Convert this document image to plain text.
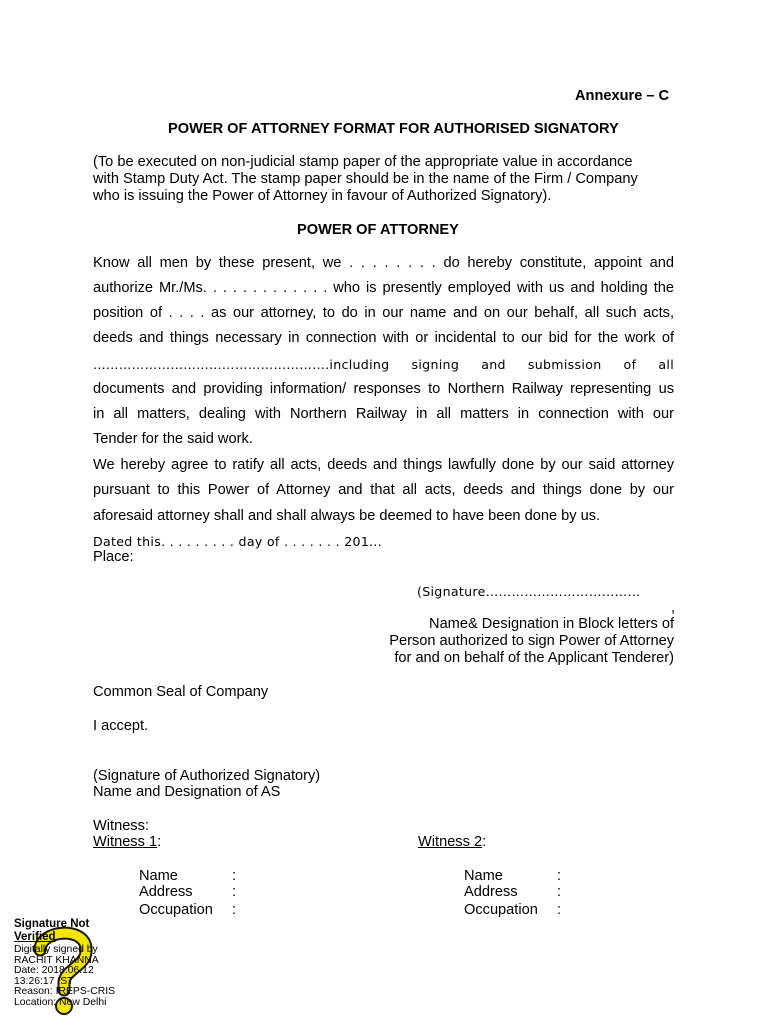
Annexure – C
POWER OF ATTORNEY FORMAT FOR AUTHORISED SIGNATORY
(To be executed on non-judicial stamp paper of the appropriate value in accordance
with Stamp Duty Act. The stamp paper should be in the name of the Firm / Company
who is issuing the Power of Attorney in favour of Authorized Signatory).
POWER OF ATTORNEY
Know all men by these present, we . . . . . . . . do hereby constitute, appoint and
authorize Mr./Ms. . . . . . . . . . . . . who is presently employed with us and holding the
position of . . . . as our attorney, to do in our name and on our behalf, all such acts,
deeds and things necessary in connection with or incidental to our bid for the work of
……………………………………………….including signing and submission of all
documents and providing information/ responses to Northern Railway representing us
in all matters, dealing with Northern Railway in all matters in connection with our
Tender for the said work.
We hereby agree to ratify all acts, deeds and things lawfully done by our said attorney
pursuant to this Power of Attorney and that all acts, deeds and things done by our
aforesaid attorney shall and shall always be deemed to have been done by us.
Dated this. . . . . . . . . day of . . . . . . . 201...
Place:
(Signature………………………………
,
Name& Designation in Block letters of
Person authorized to sign Power of Attorney
for and on behalf of the Applicant Tenderer)
Common Seal of Company
I accept.
(Signature of Authorized Signatory)
Name and Designation of AS
Witness:
Witness 1:	Witness 2:
Name	:
Address	:
Occupation :
Name	:
Address	:
Occupation :
Signature Not
Verified
Digitally signed by
RACHIT KHANNA
Date: 2018.06.12
13:26:17 IST
Reason: IREPS-CRIS
Location: New Delhi
